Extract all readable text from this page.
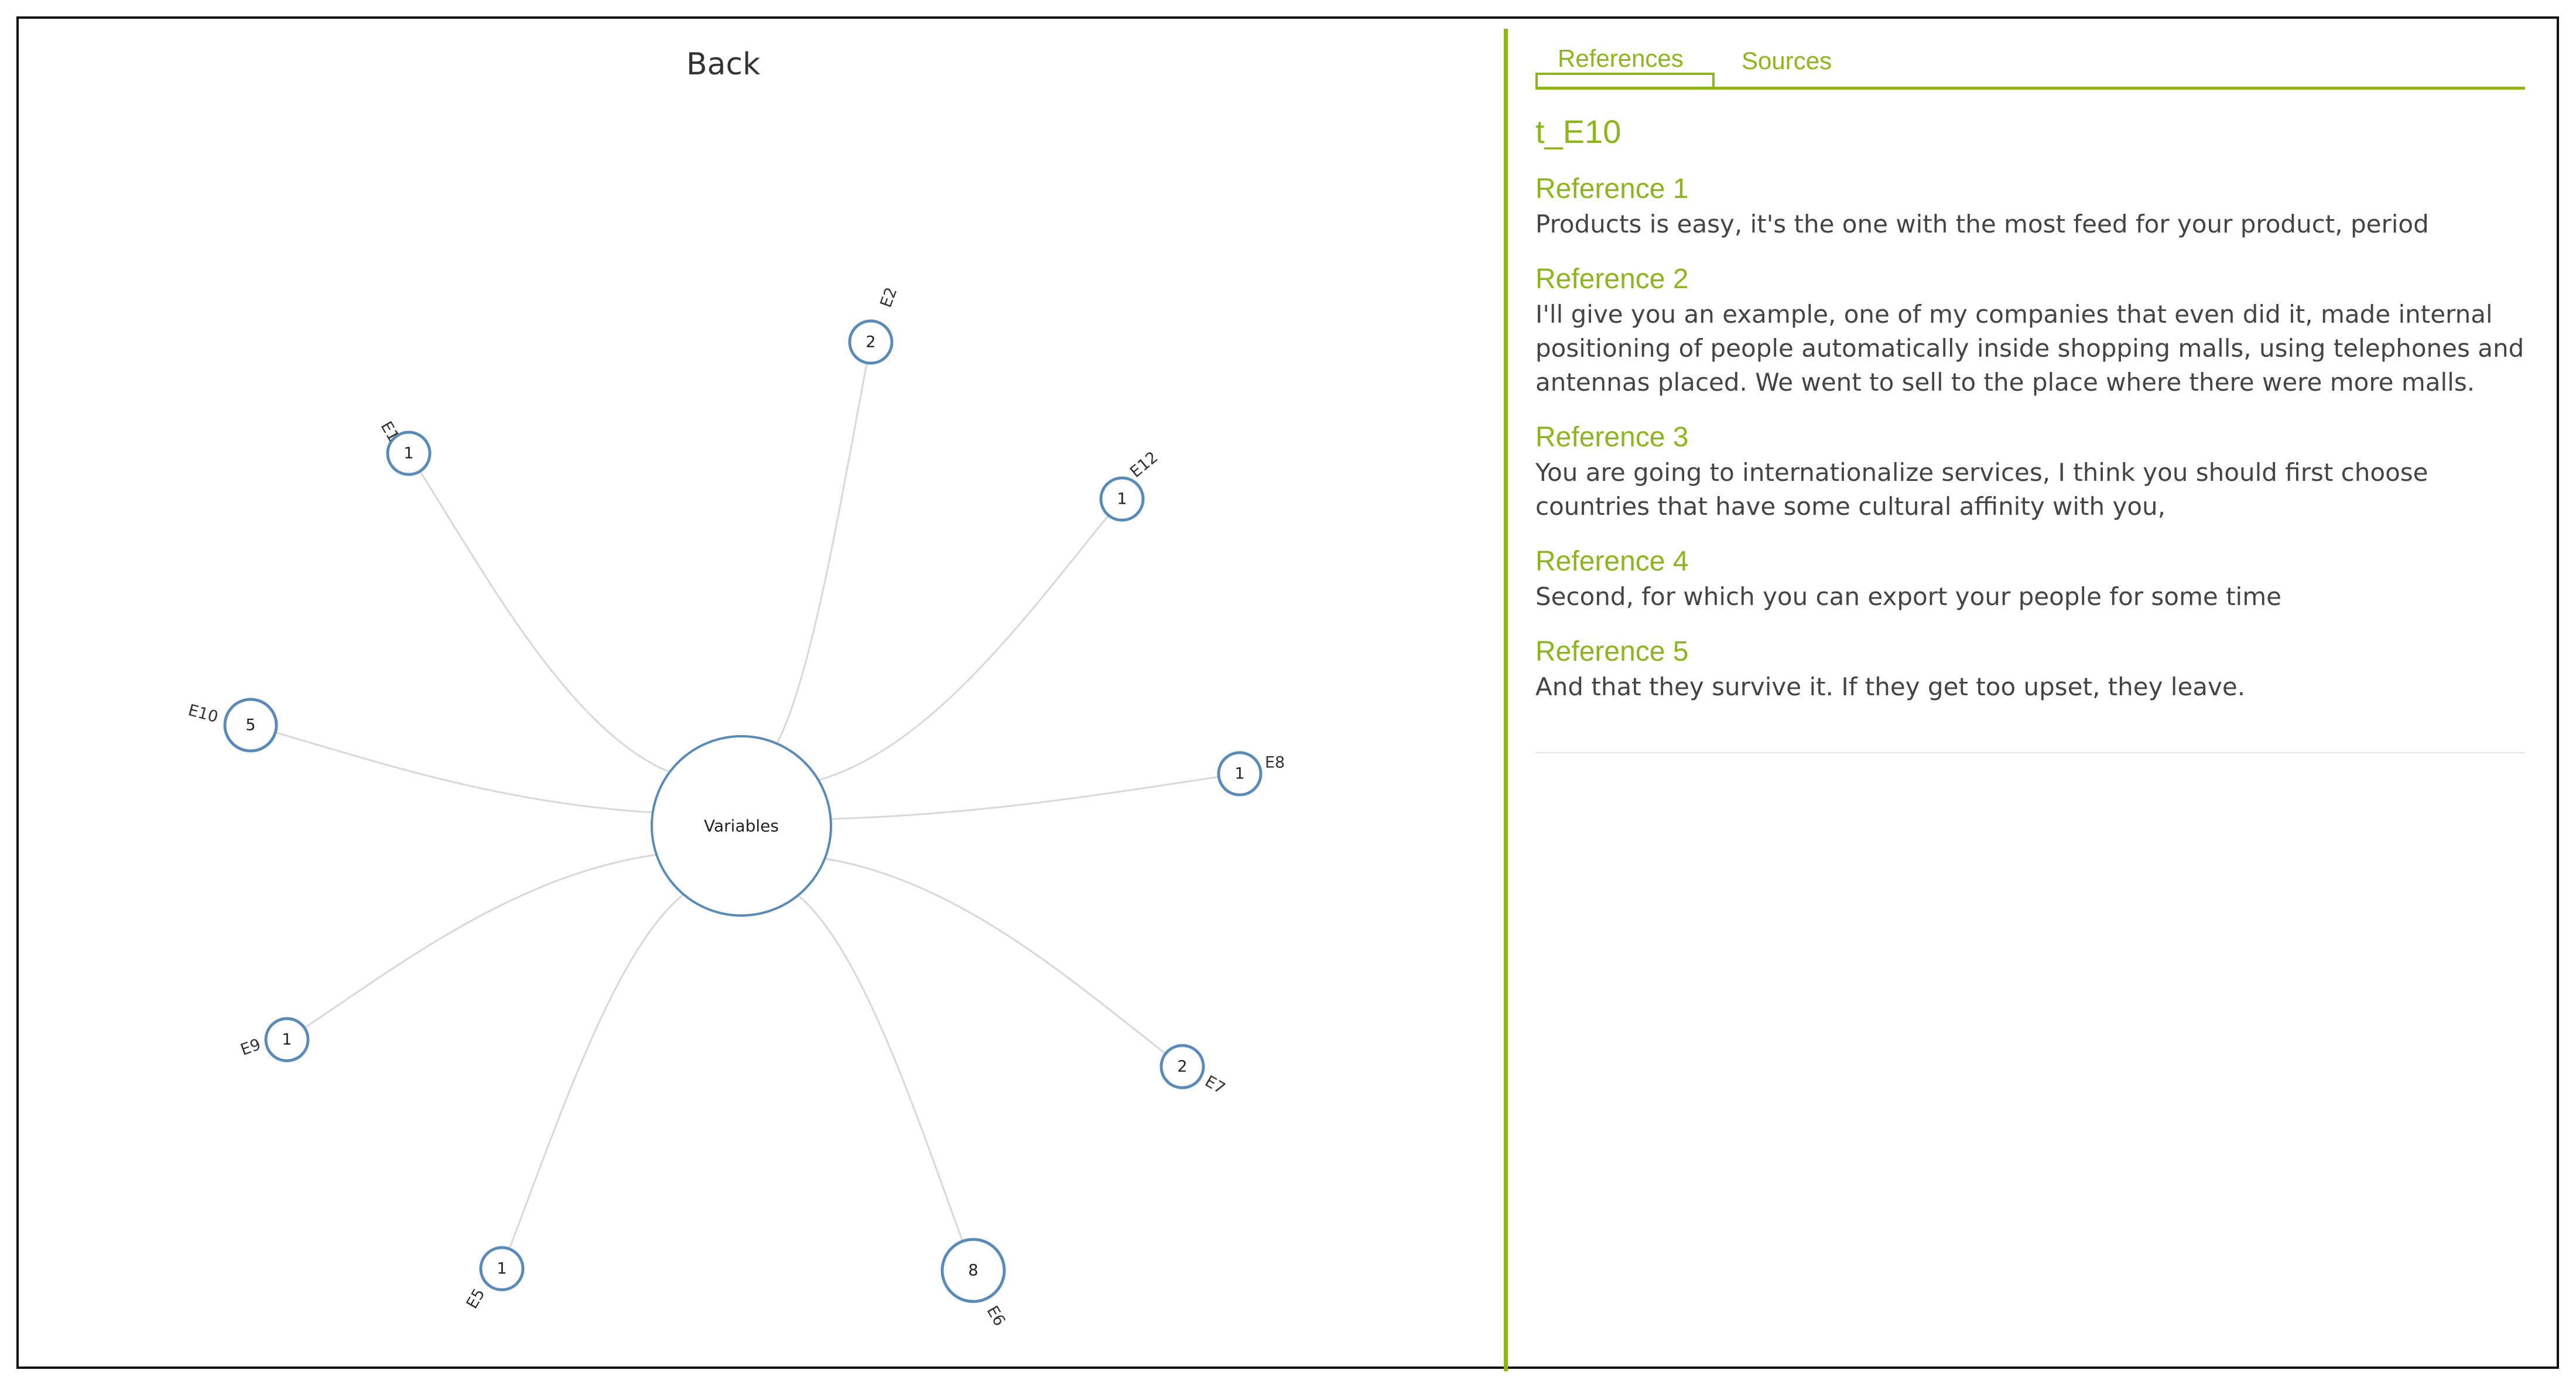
Back
Variables
2
E2
1
E1
1
E12
5
E10
1
E8
1
E9
2
E7
1
E5
8
E6
References Sources
t_E10
Reference 1
Products is easy, it's the one with the most feed for your product, period
Reference 2
I'll give you an example, one of my companies that even did it, made internal positioning of people automatically inside shopping malls, using telephones and antennas placed. We went to sell to the place where there were more malls.
Reference 3
You are going to internationalize services, I think you should first choose countries that have some cultural affinity with you,
Reference 4
Second, for which you can export your people for some time
Reference 5
And that they survive it. If they get too upset, they leave.
